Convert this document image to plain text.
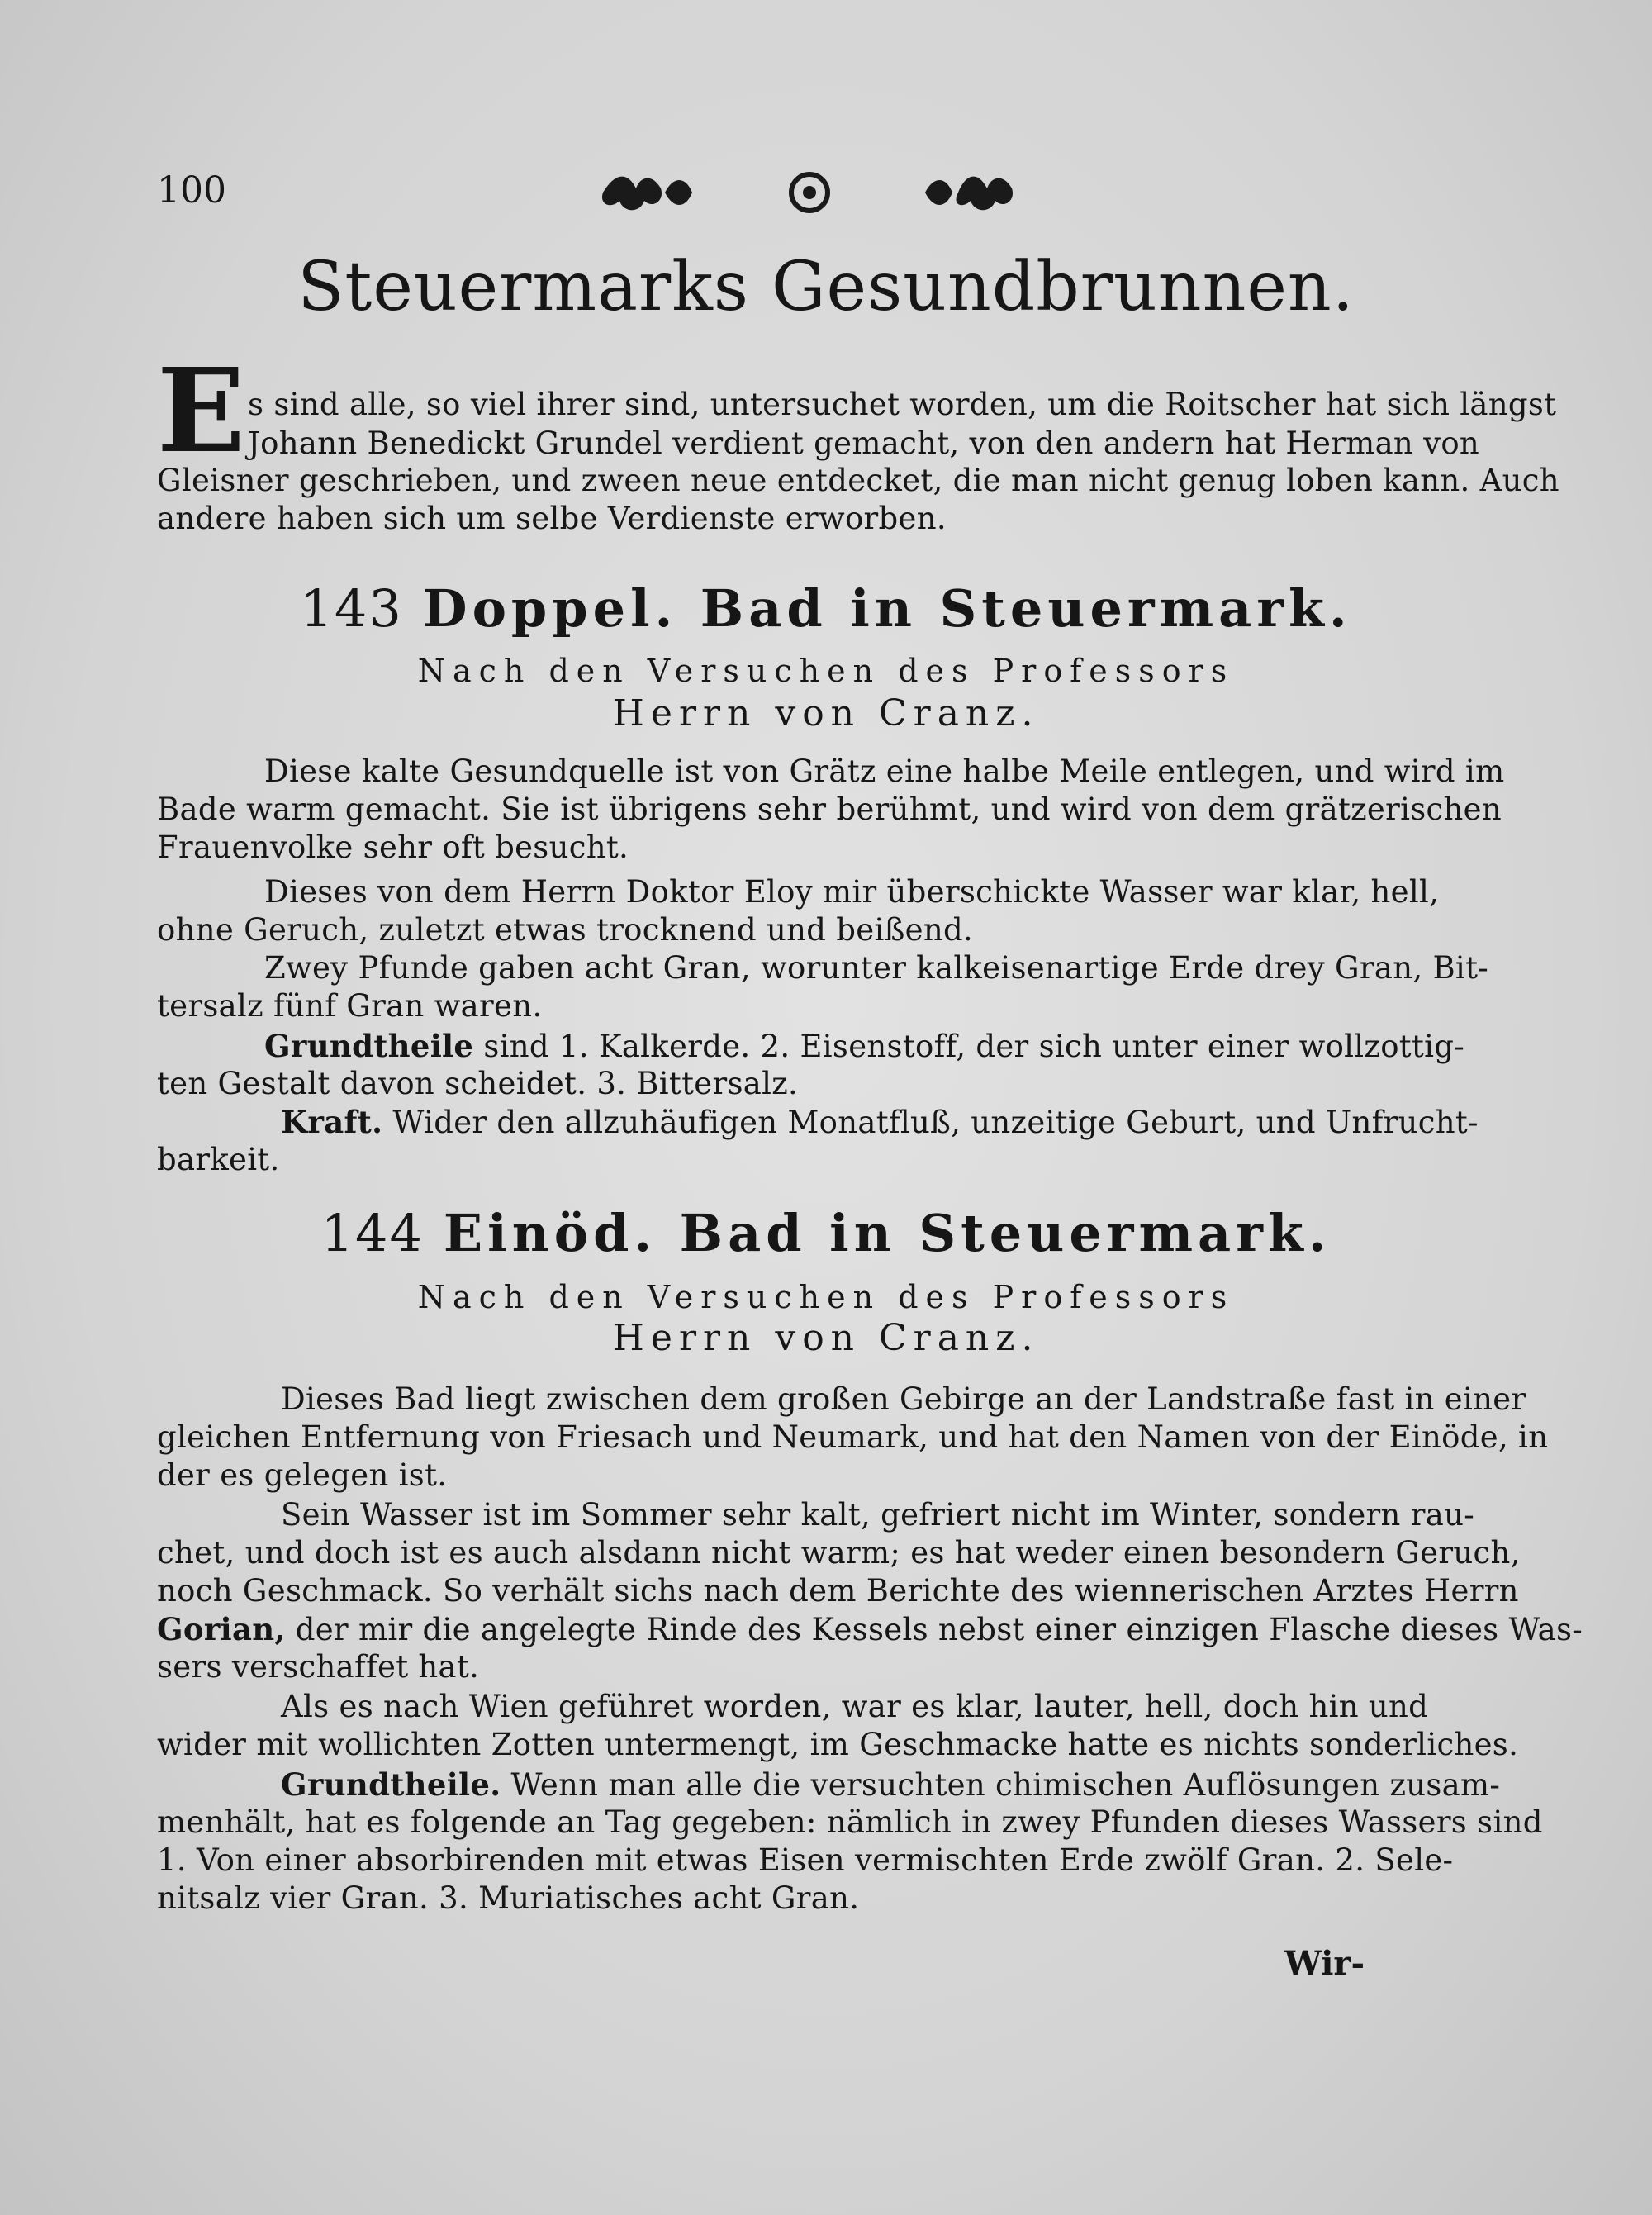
100
Steuermarks Gesundbrunnen.
E s sind alle, so viel ihrer sind, untersuchet worden, um die Roitscher hat sich längst
Johann Benedickt Grundel verdient gemacht, von den andern hat Herman von
Gleisner geschrieben, und zween neue entdecket, die man nicht genug loben kann. Auch
andere haben sich um selbe Verdienste erworben.
143 Doppel. Bad in Steuermark.
Nach den Versuchen des Professors
Herrn von Cranz.
Diese kalte Gesundquelle ist von Grätz eine halbe Meile entlegen, und wird im
Bade warm gemacht. Sie ist übrigens sehr berühmt, und wird von dem grätzerischen
Frauenvolke sehr oft besucht.
Dieses von dem Herrn Doktor Eloy mir überschickte Wasser war klar, hell,
ohne Geruch, zuletzt etwas trocknend und beißend.
Zwey Pfunde gaben acht Gran, worunter kalkeisenartige Erde drey Gran, Bit-
tersalz fünf Gran waren.
Grundtheile sind 1. Kalkerde. 2. Eisenstoff, der sich unter einer wollzottig-
ten Gestalt davon scheidet. 3. Bittersalz.
Kraft. Wider den allzuhäufigen Monatfluß, unzeitige Geburt, und Unfrucht-
barkeit.
144 Einöd. Bad in Steuermark.
Nach den Versuchen des Professors
Herrn von Cranz.
Dieses Bad liegt zwischen dem großen Gebirge an der Landstraße fast in einer
gleichen Entfernung von Friesach und Neumark, und hat den Namen von der Einöde, in
der es gelegen ist.
Sein Wasser ist im Sommer sehr kalt, gefriert nicht im Winter, sondern rau-
chet, und doch ist es auch alsdann nicht warm; es hat weder einen besondern Geruch,
noch Geschmack. So verhält sichs nach dem Berichte des wiennerischen Arztes Herrn
Gorian, der mir die angelegte Rinde des Kessels nebst einer einzigen Flasche dieses Was-
sers verschaffet hat.
Als es nach Wien geführet worden, war es klar, lauter, hell, doch hin und
wider mit wollichten Zotten untermengt, im Geschmacke hatte es nichts sonderliches.
Grundtheile. Wenn man alle die versuchten chimischen Auflösungen zusam-
menhält, hat es folgende an Tag gegeben: nämlich in zwey Pfunden dieses Wassers sind
1. Von einer absorbirenden mit etwas Eisen vermischten Erde zwölf Gran. 2. Sele-
nitsalz vier Gran. 3. Muriatisches acht Gran.
Wir-
